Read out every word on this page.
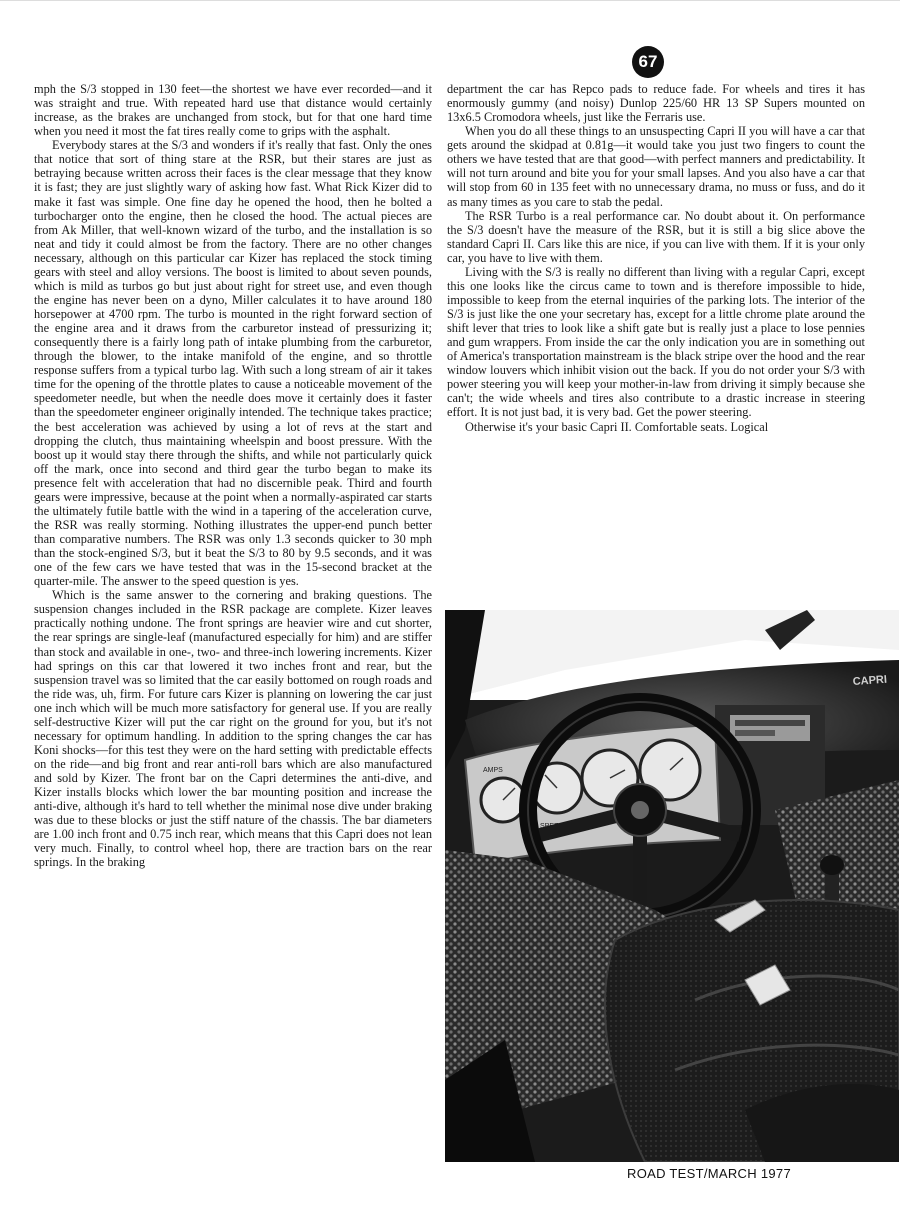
67

mph the S/3 stopped in 130 feet—the shortest we have ever recorded—and it was straight and true. With repeated hard use that distance would certainly increase, as the brakes are unchanged from stock, but for that one hard time when you need it most the fat tires really come to grips with the asphalt.

Everybody stares at the S/3 and wonders if it's really that fast. Only the ones that notice that sort of thing stare at the RSR, but their stares are just as betraying because written across their faces is the clear message that they know it is fast; they are just slightly wary of asking how fast. What Rick Kizer did to make it fast was simple. One fine day he opened the hood, then he bolted a turbocharger onto the engine, then he closed the hood. The actual pieces are from Ak Miller, that well-known wizard of the turbo, and the installation is so neat and tidy it could almost be from the factory. There are no other changes necessary, although on this particular car Kizer has replaced the stock timing gears with steel and alloy versions. The boost is limited to about seven pounds, which is mild as turbos go but just about right for street use, and even though the engine has never been on a dyno, Miller calculates it to have around 180 horsepower at 4700 rpm. The turbo is mounted in the right forward section of the engine area and it draws from the carburetor instead of pressurizing it; consequently there is a fairly long path of intake plumbing from the carburetor, through the blower, to the intake manifold of the engine, and so throttle response suffers from a typical turbo lag. With such a long stream of air it takes time for the opening of the throttle plates to cause a noticeable movement of the speedometer needle, but when the needle does move it certainly does it faster than the speedometer engineer originally intended. The technique takes practice; the best acceleration was achieved by using a lot of revs at the start and dropping the clutch, thus maintaining wheelspin and boost pressure. With the boost up it would stay there through the shifts, and while not particularly quick off the mark, once into second and third gear the turbo began to make its presence felt with acceleration that had no discernible peak. Third and fourth gears were impressive, because at the point when a normally-aspirated car starts the ultimately futile battle with the wind in a tapering of the acceleration curve, the RSR was really storming. Nothing illustrates the upper-end punch better than comparative numbers. The RSR was only 1.3 seconds quicker to 30 mph than the stock-engined S/3, but it beat the S/3 to 80 by 9.5 seconds, and it was one of the few cars we have tested that was in the 15-second bracket at the quarter-mile. The answer to the speed question is yes.

Which is the same answer to the cornering and braking questions. The suspension changes included in the RSR package are complete. Kizer leaves practically nothing undone. The front springs are heavier wire and cut shorter, the rear springs are single-leaf (manufactured especially for him) and are stiffer than stock and available in one-, two- and three-inch lowering increments. Kizer had springs on this car that lowered it two inches front and rear, but the suspension travel was so limited that the car easily bottomed on rough roads and the ride was, uh, firm. For future cars Kizer is planning on lowering the car just one inch which will be much more satisfactory for general use. If you are really self-destructive Kizer will put the car right on the ground for you, but it's not necessary for optimum handling. In addition to the spring changes the car has Koni shocks—for this test they were on the hard setting with predictable effects on the ride—and big front and rear anti-roll bars which are also manufactured and sold by Kizer. The front bar on the Capri determines the anti-dive, and Kizer installs blocks which lower the bar mounting position and increase the anti-dive, although it's hard to tell whether the minimal nose dive under braking was due to these blocks or just the stiff nature of the chassis. The bar diameters are 1.00 inch front and 0.75 inch rear, which means that this Capri does not lean very much. Finally, to control wheel hop, there are traction bars on the rear springs. In the braking

department the car has Repco pads to reduce fade. For wheels and tires it has enormously gummy (and noisy) Dunlop 225/60 HR 13 SP Supers mounted on 13x6.5 Cromodora wheels, just like the Ferraris use.

When you do all these things to an unsuspecting Capri II you will have a car that gets around the skidpad at 0.81g—it would take you just two fingers to count the others we have tested that are that good—with perfect manners and predictability. It will not turn around and bite you for your small lapses. And you also have a car that will stop from 60 in 135 feet with no unnecessary drama, no muss or fuss, and do it as many times as you care to stab the pedal.

The RSR Turbo is a real performance car. No doubt about it. On performance the S/3 doesn't have the measure of the RSR, but it is still a big slice above the standard Capri II. Cars like this are nice, if you can live with them. If it is your only car, you have to live with them.

Living with the S/3 is really no different than living with a regular Capri, except this one looks like the circus came to town and is therefore impossible to hide, impossible to keep from the eternal inquiries of the parking lots. The interior of the S/3 is just like the one your secretary has, except for a little chrome plate around the shift lever that tries to look like a shift gate but is really just a place to lose pennies and gum wrappers. From inside the car the only indication you are in something out of America's transportation mainstream is the black stripe over the hood and the rear window louvers which inhibit vision out the back. If you do not order your S/3 with power steering you will keep your mother-in-law from driving it simply because she can't; the wide wheels and tires also contribute to a drastic increase in steering effort. It is not just bad, it is very bad. Get the power steering.

Otherwise it's your basic Capri II. Comfortable seats. Logical

CAPRI
AMPS
SPEEDO
ROAD TEST/MARCH 1977
